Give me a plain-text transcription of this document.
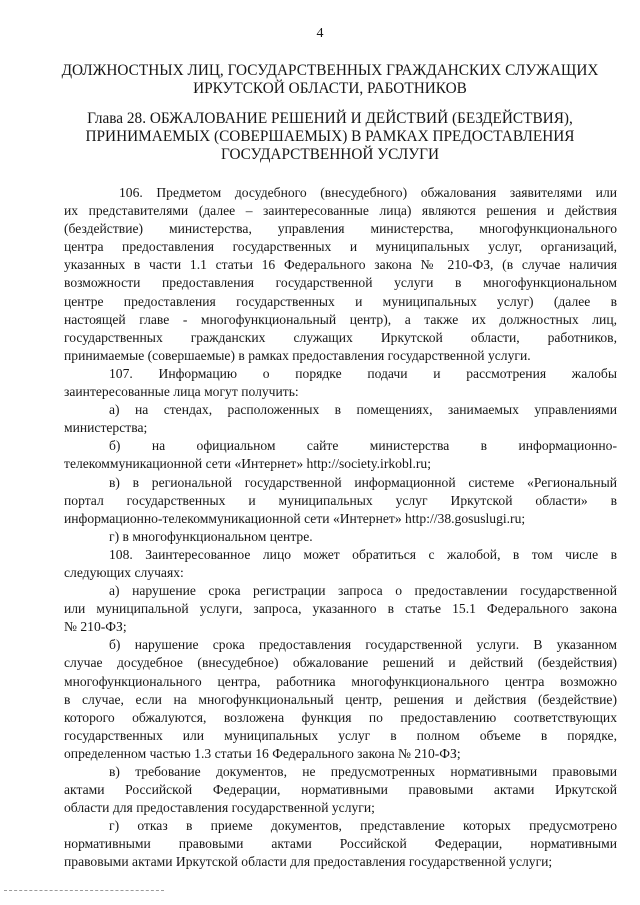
4
ДОЛЖНОСТНЫХ ЛИЦ, ГОСУДАРСТВЕННЫХ ГРАЖДАНСКИХ СЛУЖАЩИХ
ИРКУТСКОЙ ОБЛАСТИ, РАБОТНИКОВ
Глава 28. ОБЖАЛОВАНИЕ РЕШЕНИЙ И ДЕЙСТВИЙ (БЕЗДЕЙСТВИЯ),
ПРИНИМАЕМЫХ (СОВЕРШАЕМЫХ) В РАМКАХ ПРЕДОСТАВЛЕНИЯ
ГОСУДАРСТВЕННОЙ УСЛУГИ
106. Предметом досудебного (внесудебного) обжалования заявителями или
их представителями (далее – заинтересованные лица) являются решения и действия
(бездействие) министерства, управления министерства, многофункционального
центра предоставления государственных и муниципальных услуг, организаций,
указанных в части 1.1 статьи 16 Федерального закона № 210-ФЗ, (в случае наличия
возможности предоставления государственной услуги в многофункциональном
центре предоставления государственных и муниципальных услуг) (далее в
настоящей главе - многофункциональный центр), а также их должностных лиц,
государственных гражданских служащих Иркутской области, работников,
принимаемые (совершаемые) в рамках предоставления государственной услуги.
107. Информацию о порядке подачи и рассмотрения жалобы
заинтересованные лица могут получить:
а) на стендах, расположенных в помещениях, занимаемых управлениями
министерства;
б) на официальном сайте министерства в информационно-
телекоммуникационной сети «Интернет» http://society.irkobl.ru;
в) в региональной государственной информационной системе «Региональный
портал государственных и муниципальных услуг Иркутской области» в
информационно-телекоммуникационной сети «Интернет» http://38.gosuslugi.ru;
г) в многофункциональном центре.
108. Заинтересованное лицо может обратиться с жалобой, в том числе в
следующих случаях:
а) нарушение срока регистрации запроса о предоставлении государственной
или муниципальной услуги, запроса, указанного в статье 15.1 Федерального закона
№ 210-ФЗ;
б) нарушение срока предоставления государственной услуги. В указанном
случае досудебное (внесудебное) обжалование решений и действий (бездействия)
многофункционального центра, работника многофункционального центра возможно
в случае, если на многофункциональный центр, решения и действия (бездействие)
которого обжалуются, возложена функция по предоставлению соответствующих
государственных или муниципальных услуг в полном объеме в порядке,
определенном частью 1.3 статьи 16 Федерального закона № 210-ФЗ;
в) требование документов, не предусмотренных нормативными правовыми
актами Российской Федерации, нормативными правовыми актами Иркутской
области для предоставления государственной услуги;
г) отказ в приеме документов, представление которых предусмотрено
нормативными правовыми актами Российской Федерации, нормативными
правовыми актами Иркутской области для предоставления государственной услуги;
